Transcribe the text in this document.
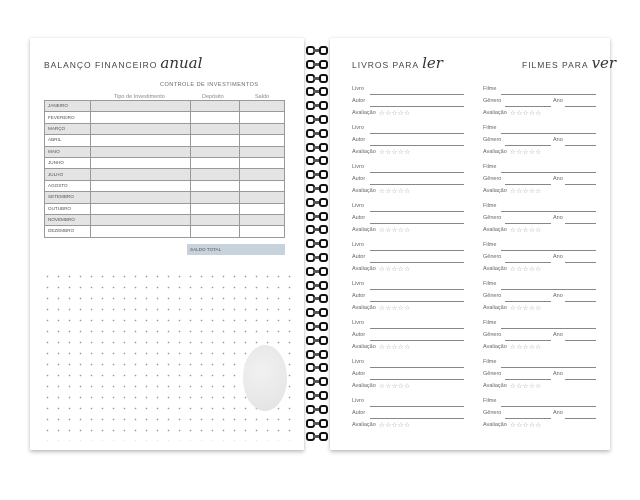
BALANÇO FINANCEIRO anual
CONTROLE DE INVESTIMENTOS
Tipo de Investimento	Depósito	Saldo
JANEIRO			
FEVEREIRO			
MARÇO			
ABRIL			
MAIO			
JUNHO			
JULHO			
AGOSTO			
SETEMBRO			
OUTUBRO			
NOVEMBRO			
DEZEMBRO			
SALDO TOTAL
LIVROS PARA ler	FILMES PARA ver
Livro
Autor
Avaliação ☆☆☆☆☆
Livro
Autor
Avaliação ☆☆☆☆☆
Livro
Autor
Avaliação ☆☆☆☆☆
Livro
Autor
Avaliação ☆☆☆☆☆
Livro
Autor
Avaliação ☆☆☆☆☆
Livro
Autor
Avaliação ☆☆☆☆☆
Livro
Autor
Avaliação ☆☆☆☆☆
Livro
Autor
Avaliação ☆☆☆☆☆
Livro
Autor
Avaliação ☆☆☆☆☆
Filme
Gênero	Ano
Avaliação ☆☆☆☆☆
Filme
Gênero	Ano
Avaliação ☆☆☆☆☆
Filme
Gênero	Ano
Avaliação ☆☆☆☆☆
Filme
Gênero	Ano
Avaliação ☆☆☆☆☆
Filme
Gênero	Ano
Avaliação ☆☆☆☆☆
Filme
Gênero	Ano
Avaliação ☆☆☆☆☆
Filme
Gênero	Ano
Avaliação ☆☆☆☆☆
Filme
Gênero	Ano
Avaliação ☆☆☆☆☆
Filme
Gênero	Ano
Avaliação ☆☆☆☆☆
